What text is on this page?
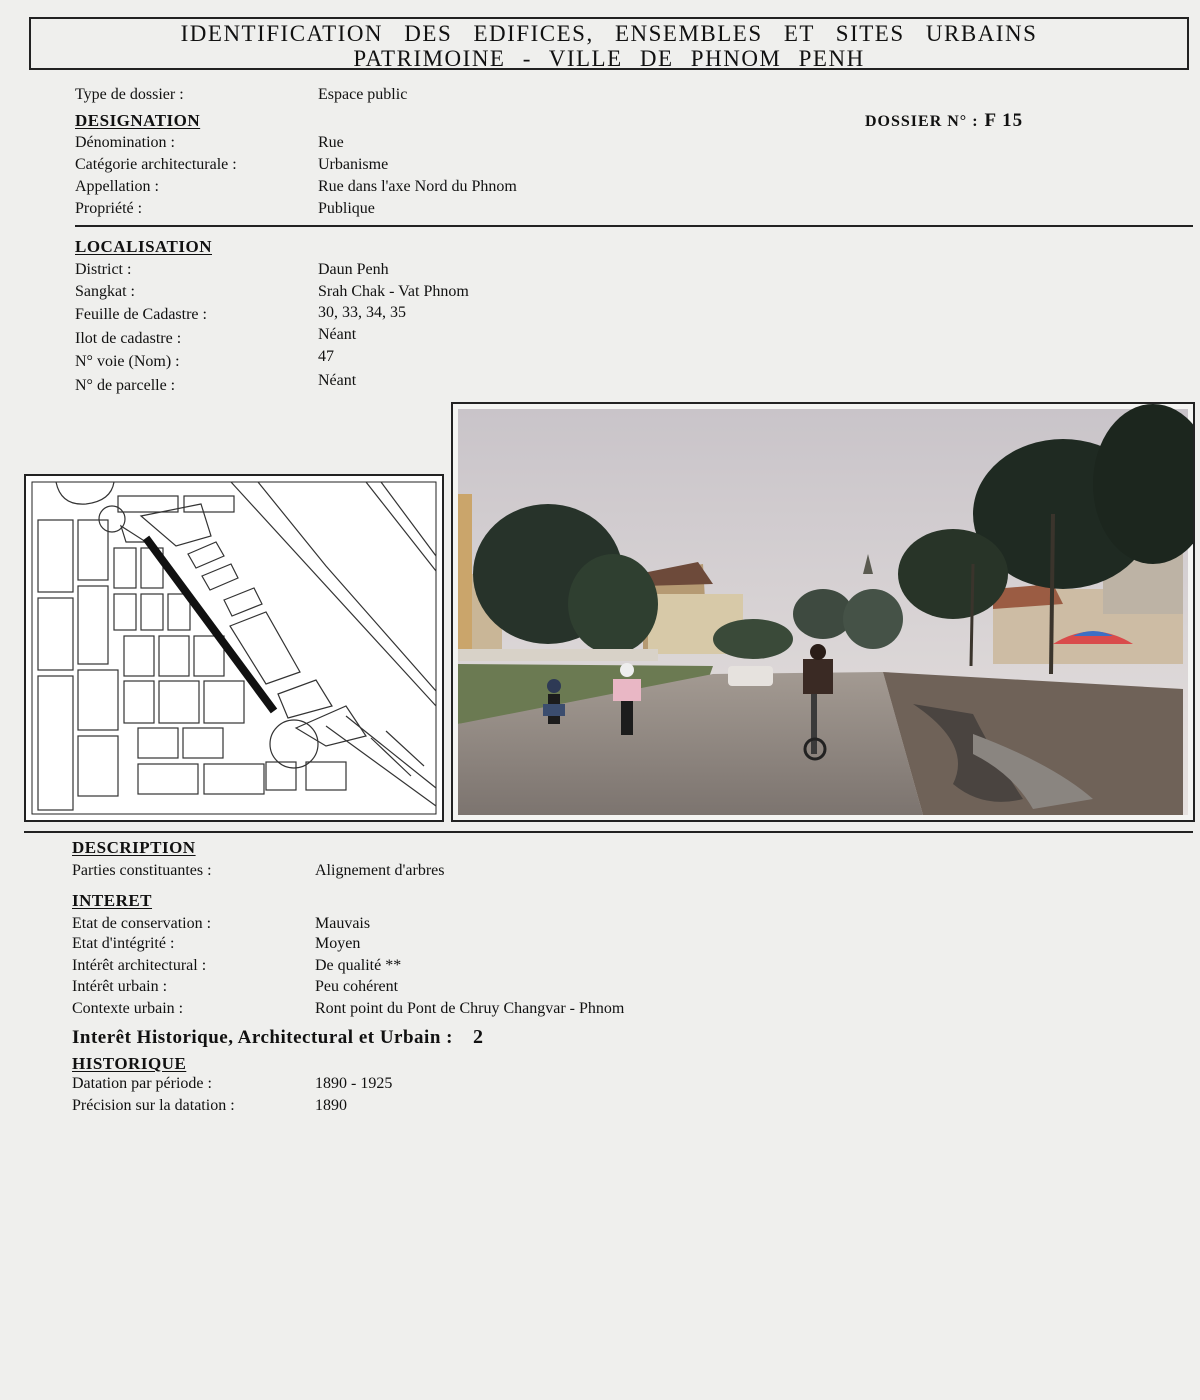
IDENTIFICATION DES EDIFICES, ENSEMBLES ET SITES URBAINS
PATRIMOINE - VILLE DE PHNOM PENH
Type de dossier :	Espace public
DESIGNATION	DOSSIER N° : F 15
Dénomination :	Rue
Catégorie architecturale :	Urbanisme
Appellation :	Rue dans l'axe Nord du Phnom
Propriété :	Publique
LOCALISATION
District :	Daun Penh
Sangkat :	Srah Chak - Vat Phnom
Feuille de Cadastre :	30, 33, 34, 35
Ilot de cadastre :	Néant
N° voie (Nom) :	47
N° de parcelle :	Néant
DESCRIPTION
Parties constituantes :	Alignement d'arbres
INTERET
Etat de conservation :	Mauvais
Etat d'intégrité :	Moyen
Intérêt architectural :	De qualité **
Intérêt urbain :	Peu cohérent
Contexte urbain :	Ront point du Pont de Chruy Changvar - Phnom
Interêt Historique, Architectural et Urbain : 2
HISTORIQUE
Datation par période :	1890 - 1925
Précision sur la datation :	1890
